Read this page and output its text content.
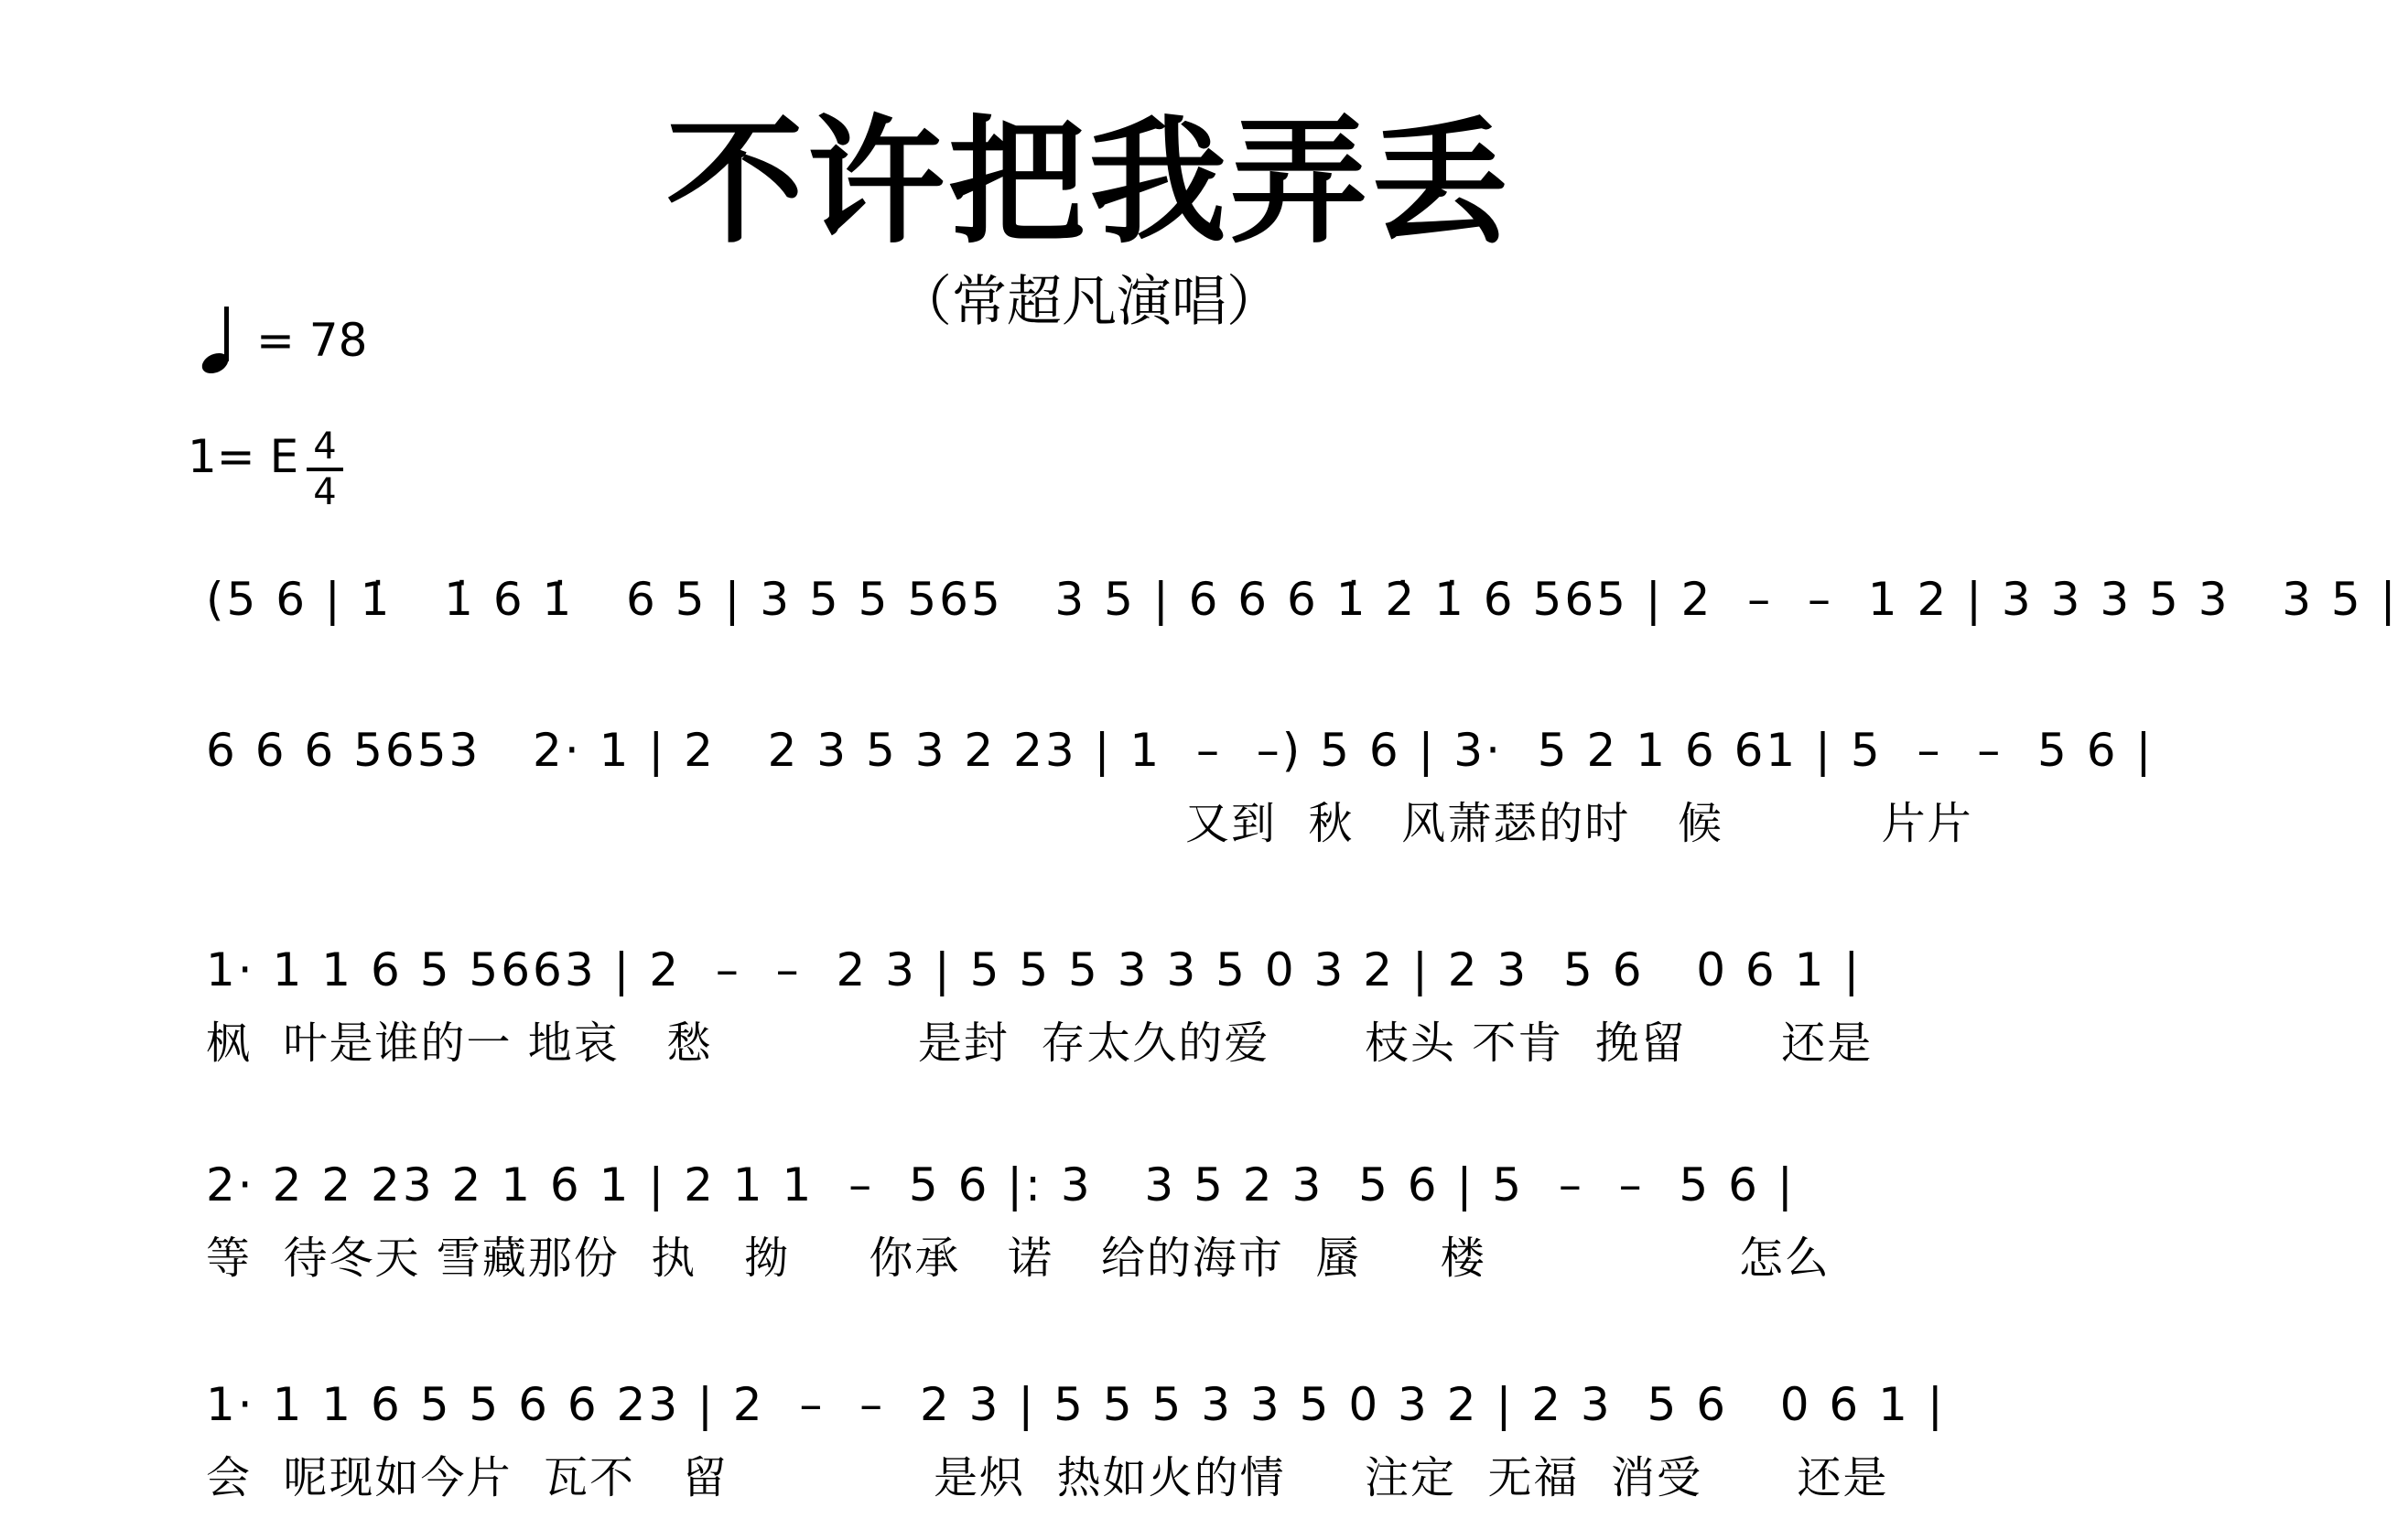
不许把我弄丢
（常超凡演唱）
= 78
1= E 4
4
(5 6 | 1̇   1̇ 6 1̇   6 5 | 3 5 5 565   3 5 | 6 6 6 1̇ 2̇ 1̇ 6 565 | 2  –  –  1 2 | 3 3 3 5 3   3 5 |
6 6 6 5653   2· 1 | 2   2 3 5 3 2 23 | 1  –  –) 5 6 | 3·  5 2 1 6 61 | 5  –  –  5 6 |
又到  秋   风萧瑟的时   候          片片
1· 1 1 6 5 5663 | 2  –  –  2 3 | 5 5 5 3 3 5 0 3 2 | 2 3  5 6   0 6 1 |
枫  叶是谁的一 地哀   愁             是封  存太久的爱      枝头 不肯  挽留      还是
2· 2 2 23 2 1 6 1 | 2 1 1  –  5 6 |: 3   3 5 2 3  5 6 | 5  –  –  5 6 |
等  待冬天 雪藏那份  执   拗     你承   诺   给的海市  蜃     楼                怎么
1· 1 1 6 5 5 6 6 23 | 2  –  –  2 3 | 5 5 5 3 3 5 0 3 2 | 2 3  5 6   0 6 1 |
会  呢现如今片  瓦不   留             是炽  热如火的情     注定  无福  消受      还是
